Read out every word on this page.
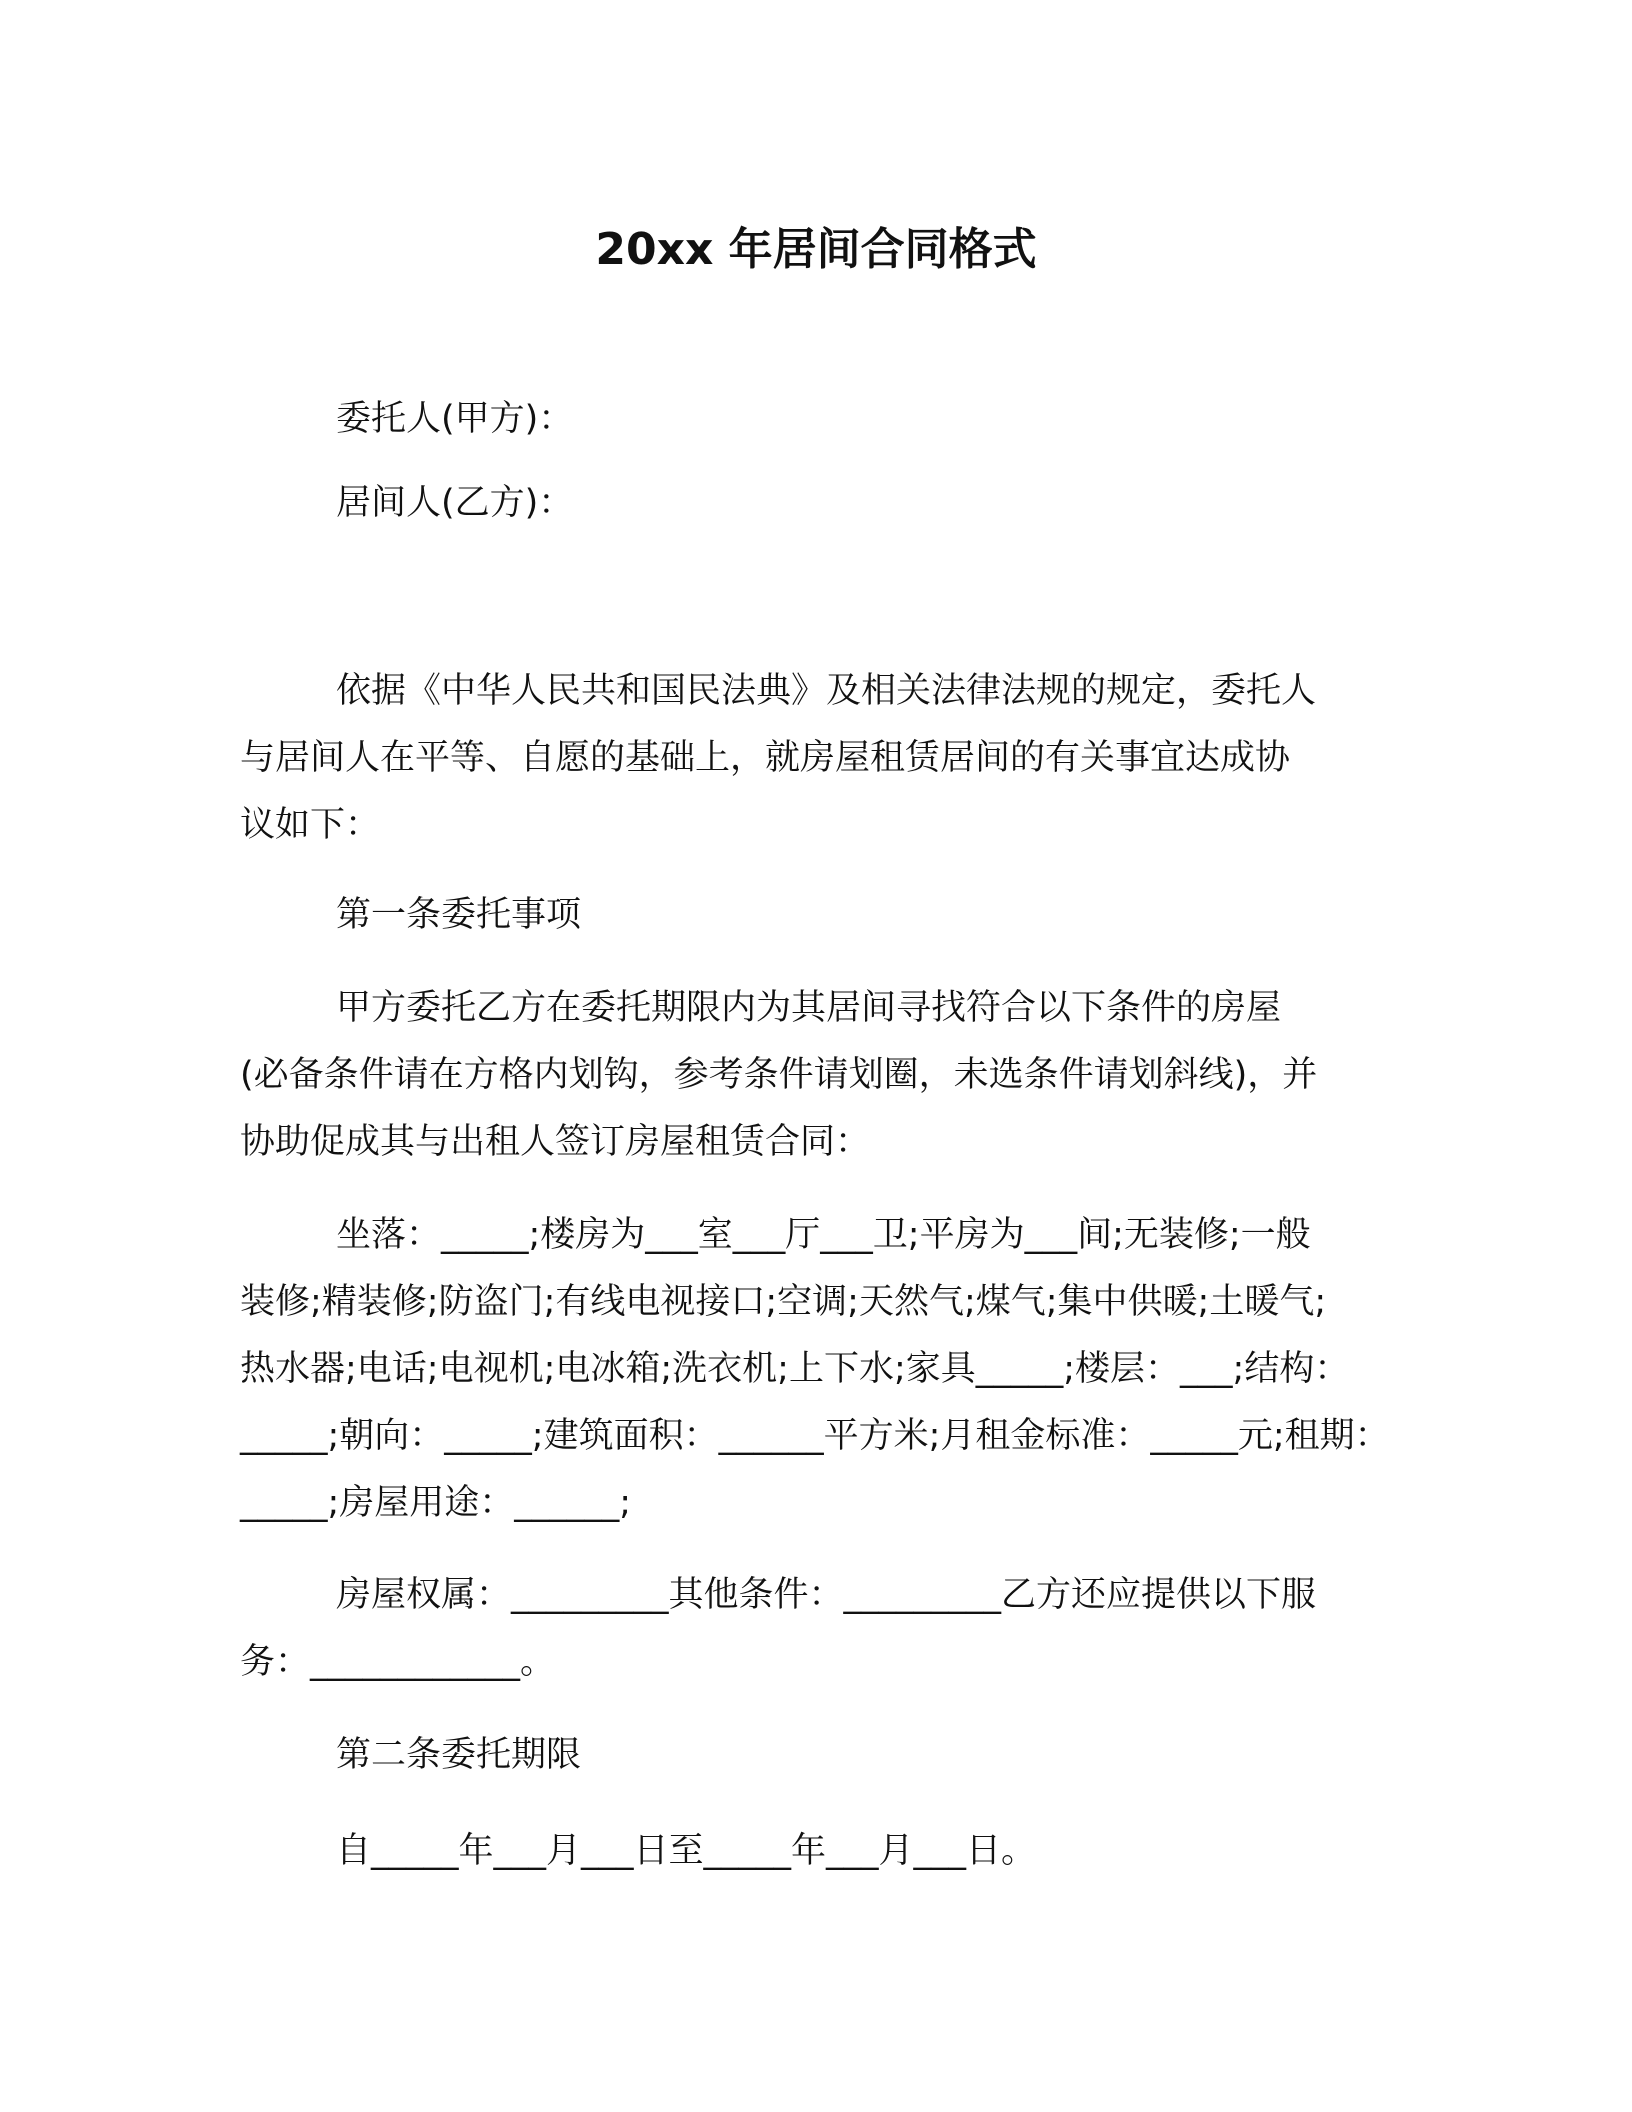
20xx 年居间合同格式
委托人(甲方)：
居间人(乙方)：
依据《中华人民共和国民法典》及相关法律法规的规定，委托人
与居间人在平等、自愿的基础上，就房屋租赁居间的有关事宜达成协
议如下：
第一条委托事项
甲方委托乙方在委托期限内为其居间寻找符合以下条件的房屋
(必备条件请在方格内划钩，参考条件请划圈，未选条件请划斜线)，并
协助促成其与出租人签订房屋租赁合同：
坐落：_____;楼房为___室___厅___卫;平房为___间;无装修;一般
装修;精装修;防盗门;有线电视接口;空调;天然气;煤气;集中供暖;土暖气;
热水器;电话;电视机;电冰箱;洗衣机;上下水;家具_____;楼层：___;结构：
_____;朝向：_____;建筑面积：______平方米;月租金标准：_____元;租期：
_____;房屋用途：______;
房屋权属：_________其他条件：_________乙方还应提供以下服
务：____________。
第二条委托期限
自_____年___月___日至_____年___月___日。
